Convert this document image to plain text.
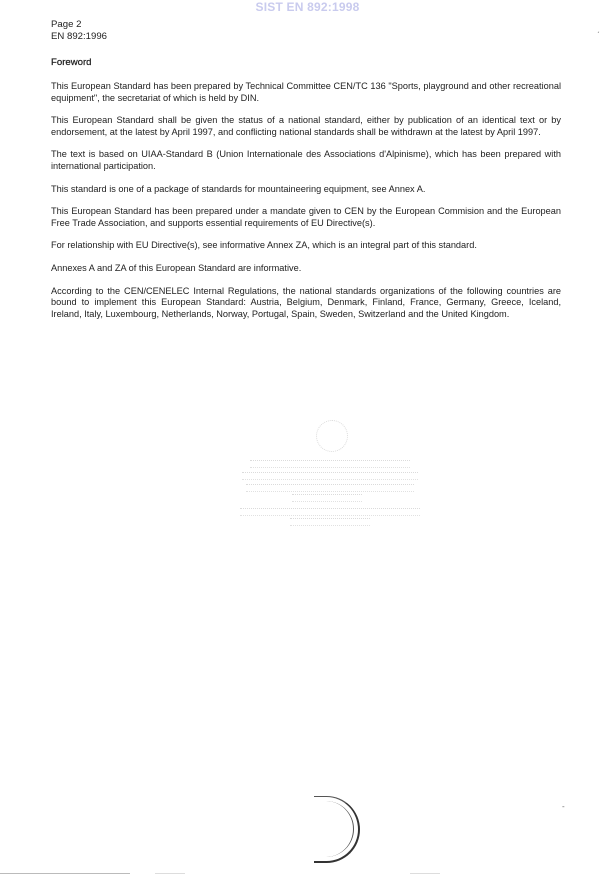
SIST EN 892:1998
Page 2
EN 892:1996
Foreword

This European Standard has been prepared by Technical Committee CEN/TC 136 "Sports, playground and other recreational equipment", the secretariat of which is held by DIN.

This European Standard shall be given the status of a national standard, either by publication of an identical text or by endorsement, at the latest by April 1997, and conflicting national standards shall be withdrawn at the latest by April 1997.

The text is based on UIAA-Standard B (Union Internationale des Associations d'Alpinisme), which has been prepared with international participation.

This standard is one of a package of standards for mountaineering equipment, see Annex A.

This European Standard has been prepared under a mandate given to CEN by the European Commision and the European Free Trade Association, and supports essential requirements of EU Directive(s).

For relationship with EU Directive(s), see informative Annex ZA, which is an integral part of this standard.

Annexes A and ZA of this European Standard are informative.

According to the CEN/CENELEC Internal Regulations, the national standards organizations of the following countries are bound to implement this European Standard: Austria, Belgium, Denmark, Finland, France, Germany, Greece, Iceland, Ireland, Italy, Luxembourg, Netherlands, Norway, Portugal, Spain, Sweden, Switzerland and the United Kingdom.

ˊ
-
